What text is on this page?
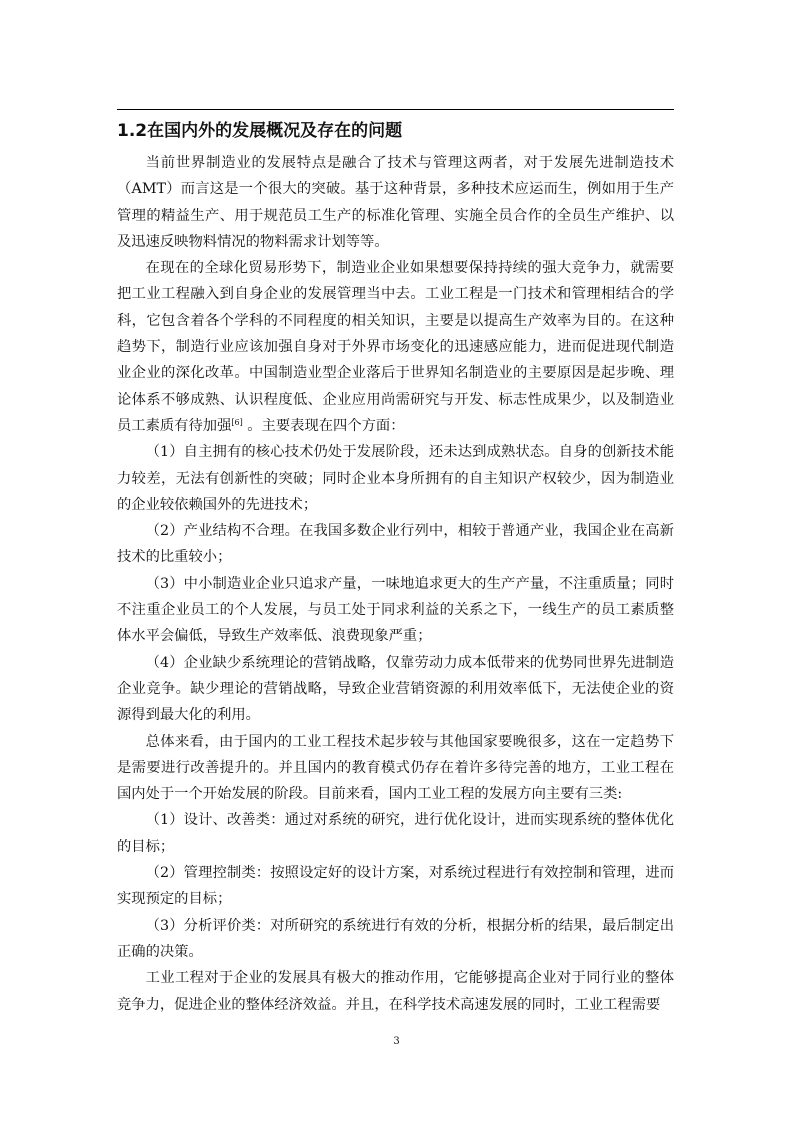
1.2在国内外的发展概况及存在的问题

当前世界制造业的发展特点是融合了技术与管理这两者，对于发展先进制造技术（AMT）而言这是一个很大的突破。基于这种背景，多种技术应运而生，例如用于生产管理的精益生产、用于规范员工生产的标准化管理、实施全员合作的全员生产维护、以及迅速反映物料情况的物料需求计划等等。

在现在的全球化贸易形势下，制造业企业如果想要保持持续的强大竞争力，就需要把工业工程融入到自身企业的发展管理当中去。工业工程是一门技术和管理相结合的学科，它包含着各个学科的不同程度的相关知识，主要是以提高生产效率为目的。在这种趋势下，制造行业应该加强自身对于外界市场变化的迅速感应能力，进而促进现代制造业企业的深化改革。中国制造业型企业落后于世界知名制造业的主要原因是起步晚、理论体系不够成熟、认识程度低、企业应用尚需研究与开发、标志性成果少，以及制造业员工素质有待加强[6] 。主要表现在四个方面：

（1）自主拥有的核心技术仍处于发展阶段，还未达到成熟状态。自身的创新技术能力较差，无法有创新性的突破；同时企业本身所拥有的自主知识产权较少，因为制造业的企业较依赖国外的先进技术；

（2）产业结构不合理。在我国多数企业行列中，相较于普通产业，我国企业在高新技术的比重较小；

（3）中小制造业企业只追求产量，一味地追求更大的生产产量，不注重质量；同时不注重企业员工的个人发展，与员工处于同求利益的关系之下，一线生产的员工素质整体水平会偏低，导致生产效率低、浪费现象严重；

（4）企业缺少系统理论的营销战略，仅靠劳动力成本低带来的优势同世界先进制造企业竞争。缺少理论的营销战略，导致企业营销资源的利用效率低下，无法使企业的资源得到最大化的利用。

总体来看，由于国内的工业工程技术起步较与其他国家要晚很多，这在一定趋势下是需要进行改善提升的。并且国内的教育模式仍存在着许多待完善的地方，工业工程在国内处于一个开始发展的阶段。目前来看，国内工业工程的发展方向主要有三类:

（1）设计、改善类：通过对系统的研究，进行优化设计，进而实现系统的整体优化的目标；

（2）管理控制类：按照设定好的设计方案，对系统过程进行有效控制和管理，进而实现预定的目标；

（3）分析评价类：对所研究的系统进行有效的分析，根据分析的结果，最后制定出正确的决策。

工业工程对于企业的发展具有极大的推动作用，它能够提高企业对于同行业的整体竞争力，促进企业的整体经济效益。并且，在科学技术高速发展的同时，工业工程需要

3
